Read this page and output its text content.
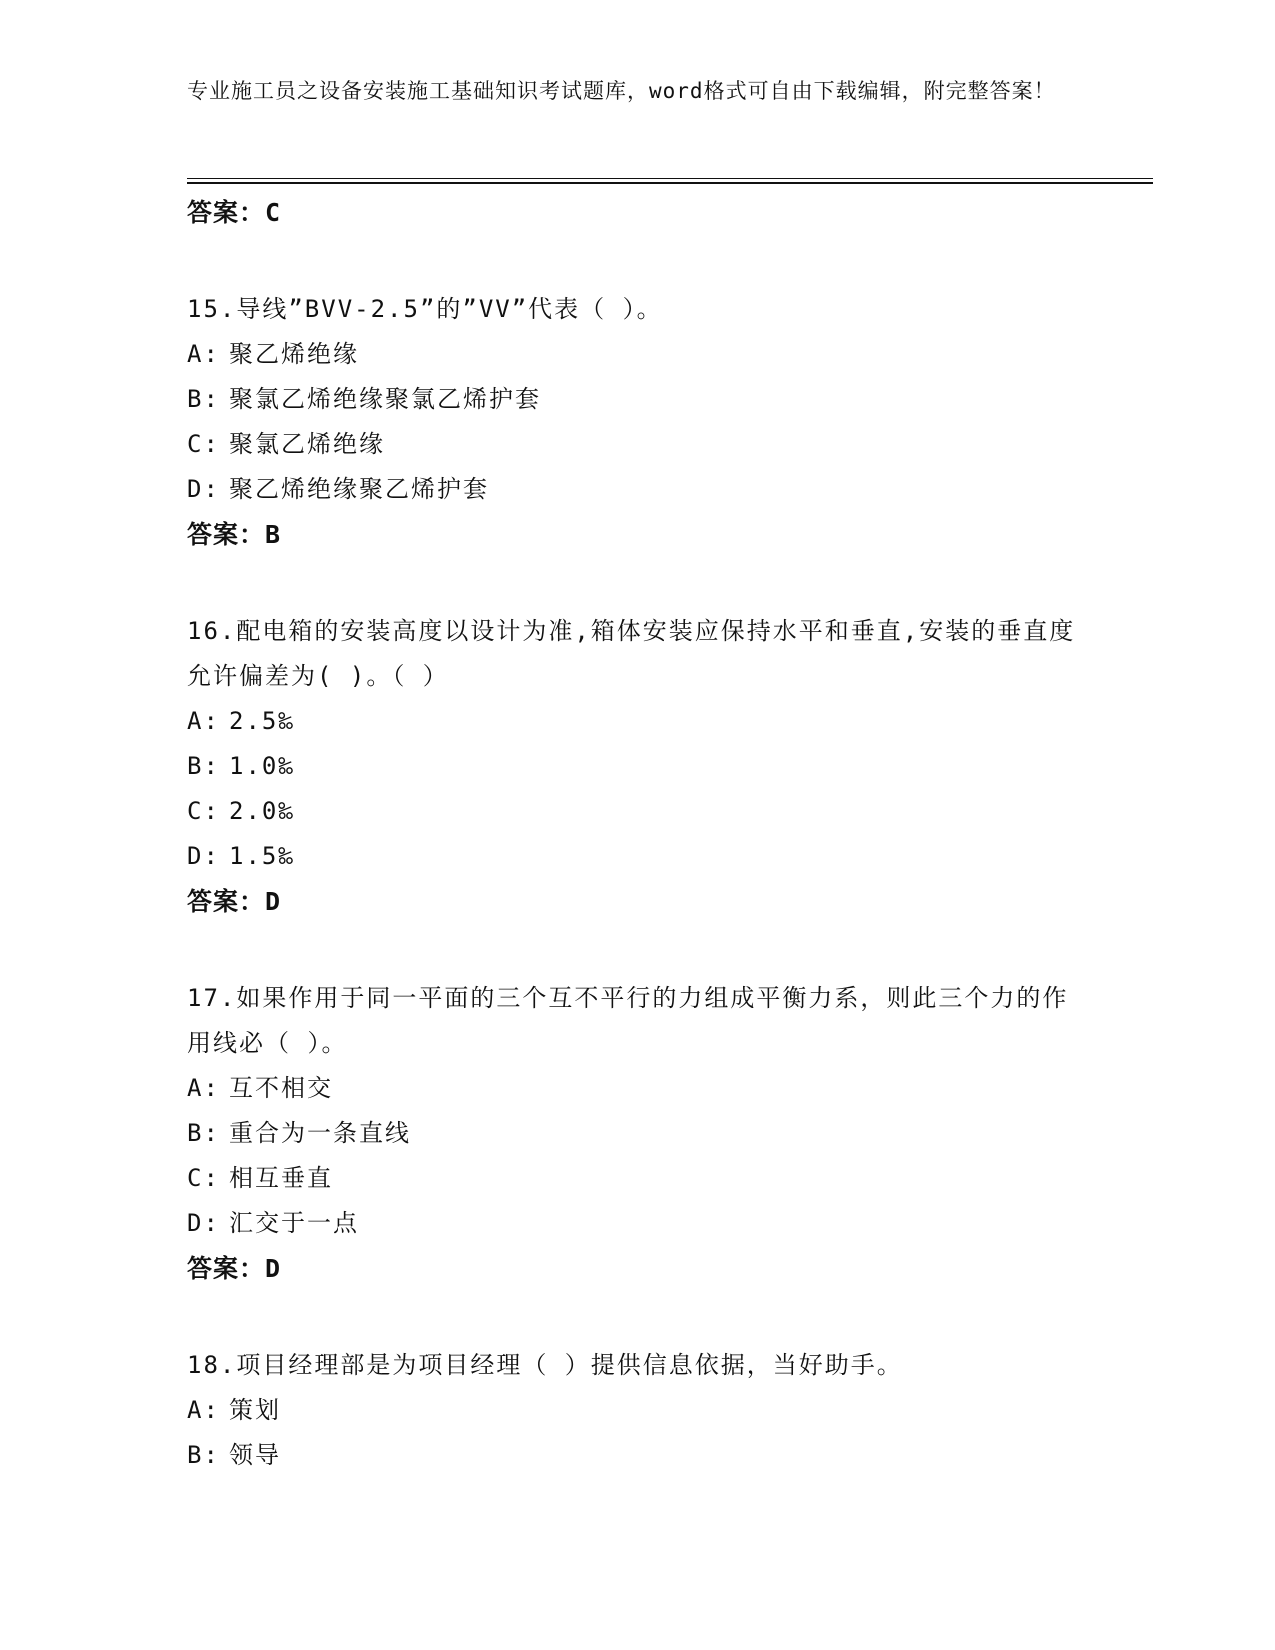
专业施工员之设备安装施工基础知识考试题库，word格式可自由下载编辑，附完整答案！
答案：C

15.导线”BVV-2.5”的”VV”代表（ ）。

A: 聚乙烯绝缘
B: 聚氯乙烯绝缘聚氯乙烯护套
C: 聚氯乙烯绝缘
D: 聚乙烯绝缘聚乙烯护套
答案：B

16.配电箱的安装高度以设计为准,箱体安装应保持水平和垂直,安装的垂直度允许偏差为( )。（ ）

A: 2.5‰
B: 1.0‰
C: 2.0‰
D: 1.5‰
答案：D

17.如果作用于同一平面的三个互不平行的力组成平衡力系，则此三个力的作用线必（ ）。

A: 互不相交
B: 重合为一条直线
C: 相互垂直
D: 汇交于一点
答案：D

18.项目经理部是为项目经理（ ）提供信息依据，当好助手。

A: 策划
B: 领导
